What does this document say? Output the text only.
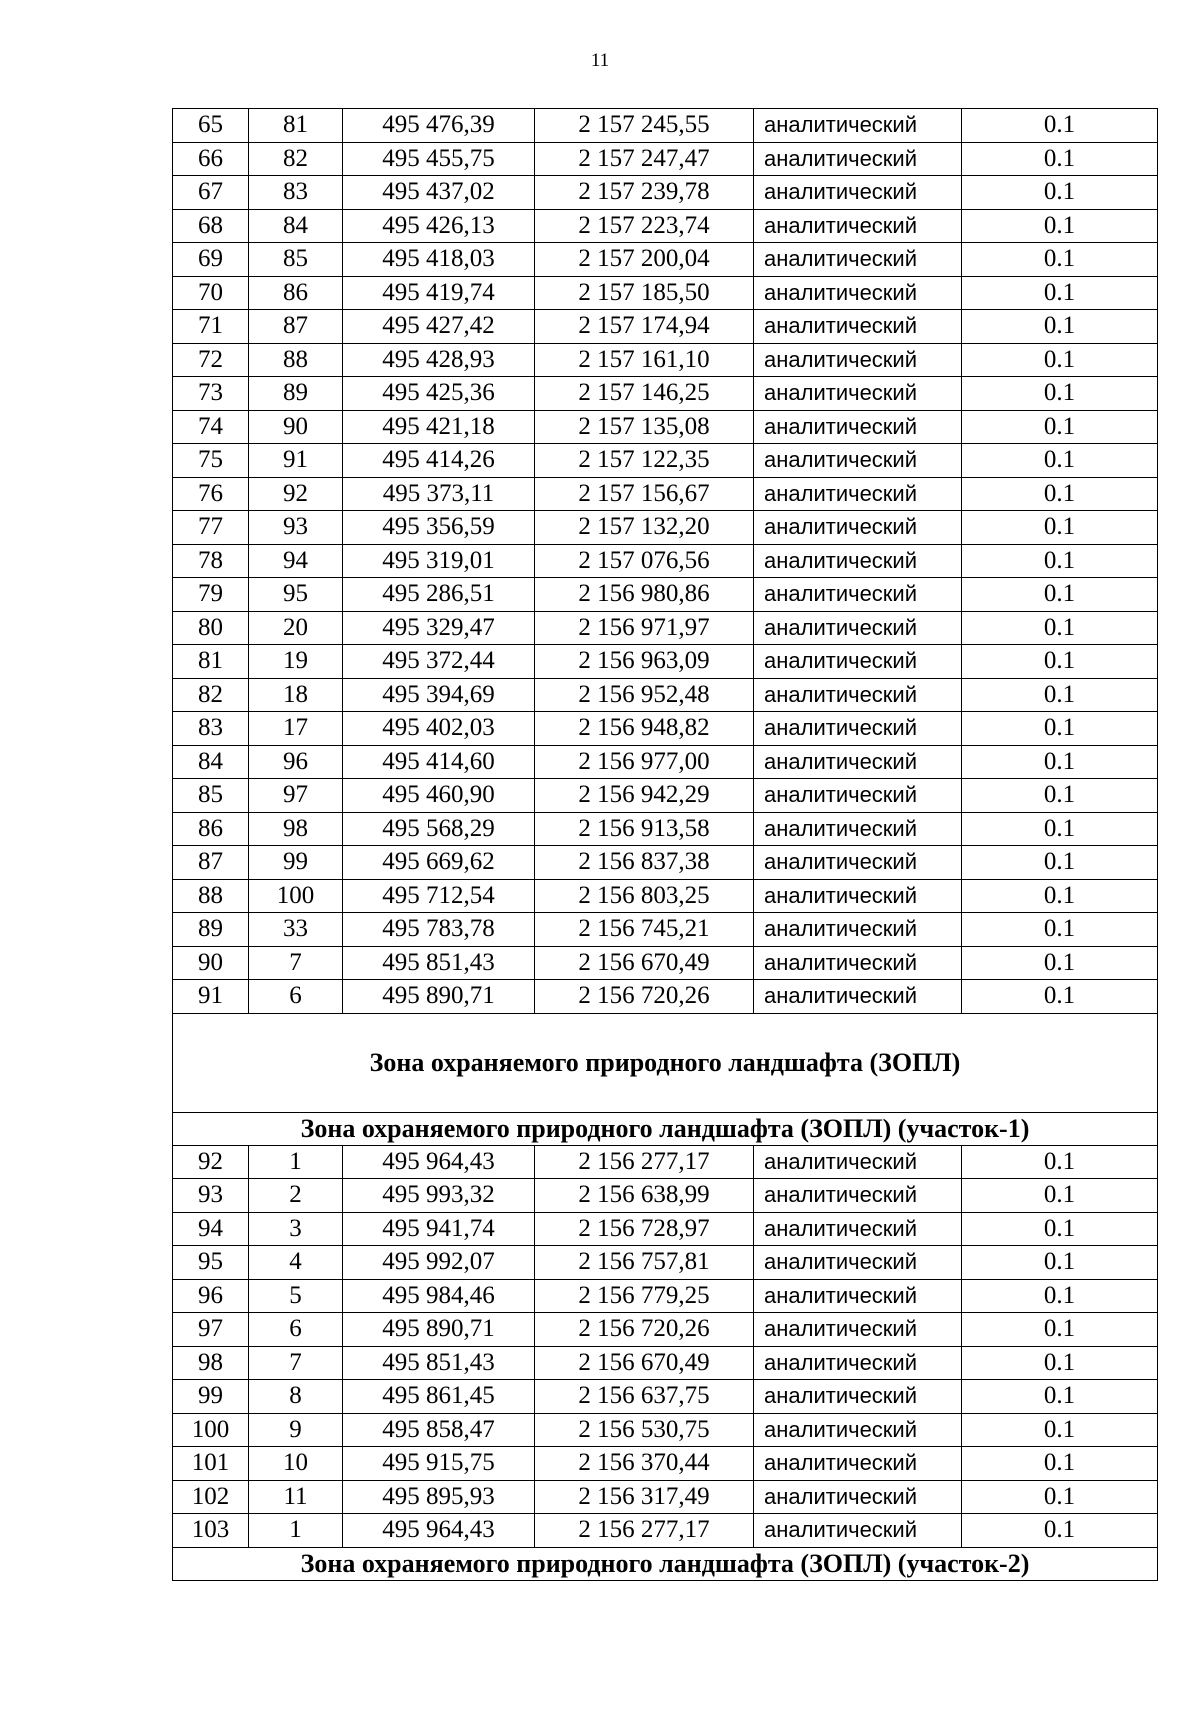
11
65	81	495 476,39	2 157 245,55	аналитический	0.1
66	82	495 455,75	2 157 247,47	аналитический	0.1
67	83	495 437,02	2 157 239,78	аналитический	0.1
68	84	495 426,13	2 157 223,74	аналитический	0.1
69	85	495 418,03	2 157 200,04	аналитический	0.1
70	86	495 419,74	2 157 185,50	аналитический	0.1
71	87	495 427,42	2 157 174,94	аналитический	0.1
72	88	495 428,93	2 157 161,10	аналитический	0.1
73	89	495 425,36	2 157 146,25	аналитический	0.1
74	90	495 421,18	2 157 135,08	аналитический	0.1
75	91	495 414,26	2 157 122,35	аналитический	0.1
76	92	495 373,11	2 157 156,67	аналитический	0.1
77	93	495 356,59	2 157 132,20	аналитический	0.1
78	94	495 319,01	2 157 076,56	аналитический	0.1
79	95	495 286,51	2 156 980,86	аналитический	0.1
80	20	495 329,47	2 156 971,97	аналитический	0.1
81	19	495 372,44	2 156 963,09	аналитический	0.1
82	18	495 394,69	2 156 952,48	аналитический	0.1
83	17	495 402,03	2 156 948,82	аналитический	0.1
84	96	495 414,60	2 156 977,00	аналитический	0.1
85	97	495 460,90	2 156 942,29	аналитический	0.1
86	98	495 568,29	2 156 913,58	аналитический	0.1
87	99	495 669,62	2 156 837,38	аналитический	0.1
88	100	495 712,54	2 156 803,25	аналитический	0.1
89	33	495 783,78	2 156 745,21	аналитический	0.1
90	7	495 851,43	2 156 670,49	аналитический	0.1
91	6	495 890,71	2 156 720,26	аналитический	0.1
Зона охраняемого природного ландшафта (ЗОПЛ)					
Зона охраняемого природного ландшафта (ЗОПЛ) (участок-1)					
92	1	495 964,43	2 156 277,17	аналитический	0.1
93	2	495 993,32	2 156 638,99	аналитический	0.1
94	3	495 941,74	2 156 728,97	аналитический	0.1
95	4	495 992,07	2 156 757,81	аналитический	0.1
96	5	495 984,46	2 156 779,25	аналитический	0.1
97	6	495 890,71	2 156 720,26	аналитический	0.1
98	7	495 851,43	2 156 670,49	аналитический	0.1
99	8	495 861,45	2 156 637,75	аналитический	0.1
100	9	495 858,47	2 156 530,75	аналитический	0.1
101	10	495 915,75	2 156 370,44	аналитический	0.1
102	11	495 895,93	2 156 317,49	аналитический	0.1
103	1	495 964,43	2 156 277,17	аналитический	0.1
Зона охраняемого природного ландшафта (ЗОПЛ) (участок-2)					
